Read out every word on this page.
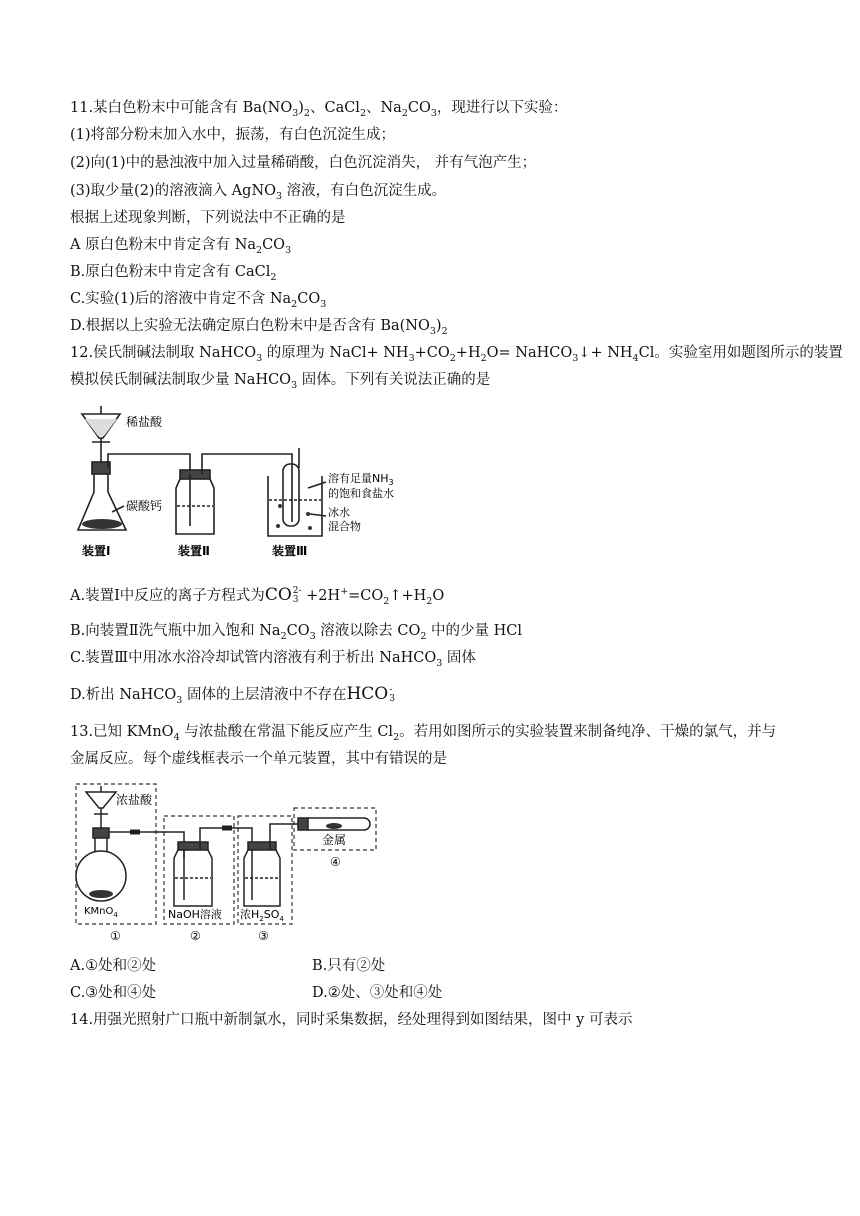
11.某白色粉末中可能含有 $Ba(NO_3)_2$、CaCl$_2$、$Na_2CO_3$，现进行以下实验：
(1)将部分粉末加入水中，振荡，有白色沉淀生成；
(2)向(1)中的悬浊液中加入过量稀硝酸，白色沉淀消失， 并有气泡产生；
(3)取少量(2)的溶液滴入 AgNO$_3$ 溶液，有白色沉淀生成。
根据上述现象判断，下列说法中不正确的是
A 原白色粉末中肯定含有 $Na_2CO_3$
B.原白色粉末中肯定含有 CaCl$_2$
C.实验(1)后的溶液中肯定不含 $Na_2CO_3$
D.根据以上实验无法确定原白色粉末中是否含有 $Ba(NO_3)_2$
12.侯氏制碱法制取 NaHCO$_3$ 的原理为 NaCl+ $NH_3+CO_2+H_2O=$ NaHCO$_3$↓+ $NH_4Cl$。实验室用如题图所示的装置
模拟侯氏制碱法制取少量 NaHCO$_3$ 固体。下列有关说法正确的是
稀盐酸
碳酸钙
溶有足量$NH_3$
的饱和食盐水
冰水
混合物
装置Ⅰ	装置Ⅱ	装置Ⅲ
A.装置Ⅰ中反应的离子方程式为CO 2-
$3 +2H^+=CO_2↑+H_2O$
B.向装置Ⅱ洗气瓶中加入饱和 $Na_2CO_3$ 溶液以除去 $CO_2$ 中的少量 HCl
C.装置Ⅲ中用冰水浴冷却试管内溶液有利于析出 NaHCO$_3$ 固体
D.析出 NaHCO$_3$ 固体的上层清液中不存在HCO -
3
13.已知 KMnO$_4$ 与浓盐酸在常温下能反应产生 $Cl_2$。若用如图所示的实验装置来制备纯净、干燥的氯气，并与
金属反应。每个虚线框表示一个单元装置，其中有错误的是
浓盐酸
KMnO$_4$	NaOH溶液 浓$H_2SO_4$
金属
①	②	③
④
A.①处和②处	B.只有②处
C.③处和④处	D.②处、③处和④处
14.用强光照射广口瓶中新制氯水，同时采集数据，经处理得到如图结果，图中 y 可表示
